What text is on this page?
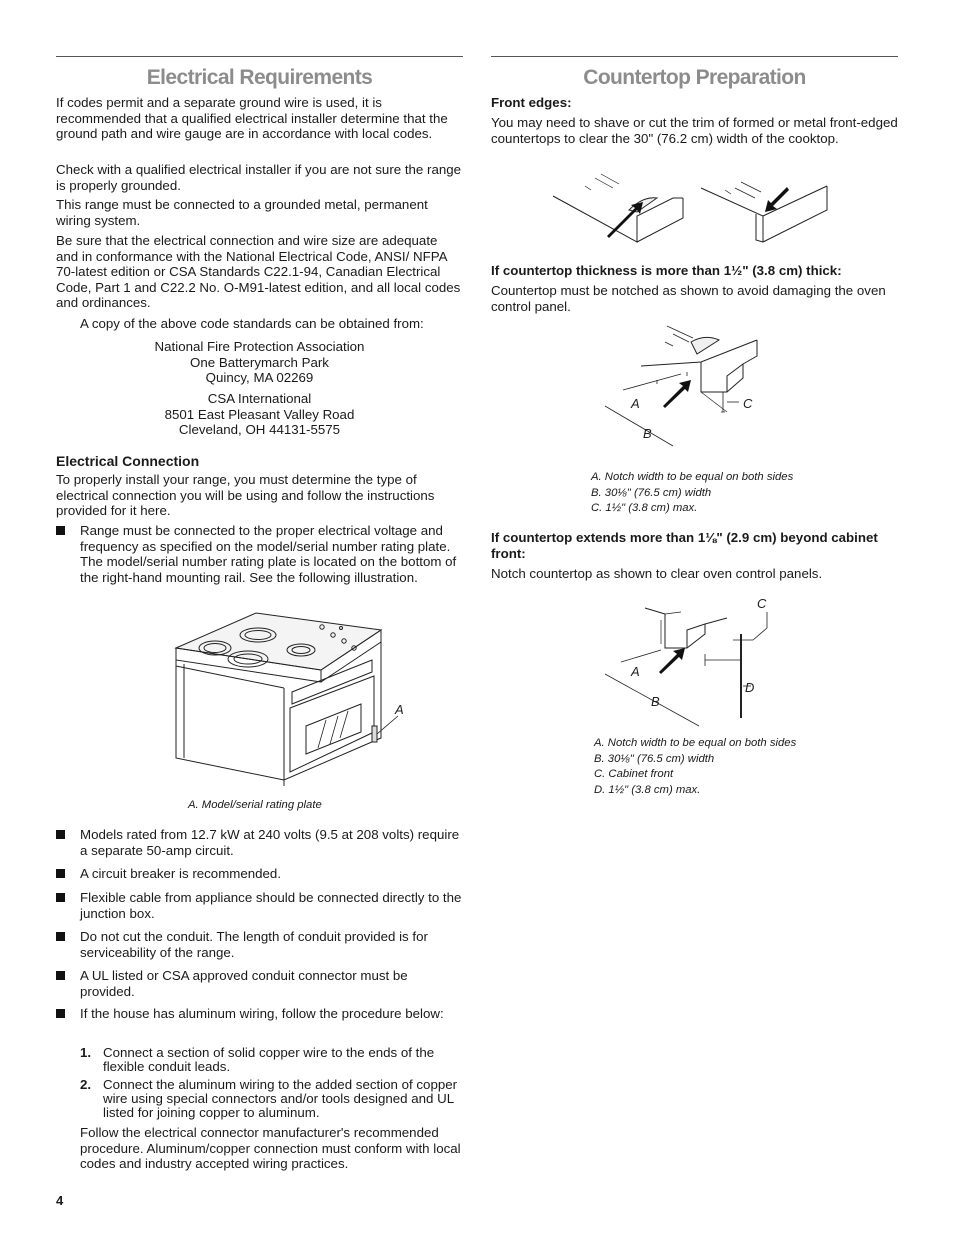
Electrical Requirements

If codes permit and a separate ground wire is used, it is recommended that a qualified electrical installer determine that the ground path and wire gauge are in accordance with local codes.

Check with a qualified electrical installer if you are not sure the range is properly grounded.

This range must be connected to a grounded metal, permanent wiring system.

Be sure that the electrical connection and wire size are adequate and in conformance with the National Electrical Code, ANSI/ NFPA 70-latest edition or CSA Standards C22.1-94, Canadian Electrical Code, Part 1 and C22.2 No. O-M91-latest edition, and all local codes and ordinances.

A copy of the above code standards can be obtained from:

National Fire Protection Association
One Batterymarch Park
Quincy, MA 02269
CSA International
8501 East Pleasant Valley Road
Cleveland, OH 44131-5575
Electrical Connection

To properly install your range, you must determine the type of electrical connection you will be using and follow the instructions provided for it here.

Range must be connected to the proper electrical voltage and frequency as specified on the model/serial number rating plate. The model/serial number rating plate is located on the bottom of the right-hand mounting rail. See the following illustration.
A
A. Model/serial rating plate
Models rated from 12.7 kW at 240 volts (9.5 at 208 volts) require a separate 50-amp circuit.
A circuit breaker is recommended.
Flexible cable from appliance should be connected directly to the junction box.
Do not cut the conduit. The length of conduit provided is for serviceability of the range.
A UL listed or CSA approved conduit connector must be provided.
If the house has aluminum wiring, follow the procedure below:
1. Connect a section of solid copper wire to the ends of the flexible conduit leads.
2. Connect the aluminum wiring to the added section of copper wire using special connectors and/or tools designed and UL listed for joining copper to aluminum.

Follow the electrical connector manufacturer's recommended procedure. Aluminum/copper connection must conform with local codes and industry accepted wiring practices.

4
Countertop Preparation

Front edges:

You may need to shave or cut the trim of formed or metal front-edged countertops to clear the 30" (76.2 cm) width of the cooktop.

If countertop thickness is more than 1½" (3.8 cm) thick:

Countertop must be notched as shown to avoid damaging the oven control panel.

A
B
C
A. Notch width to be equal on both sides
B. 30⅛" (76.5 cm) width
C. 1½" (3.8 cm) max.

If countertop extends more than 1⅛" (2.9 cm) beyond cabinet front:

Notch countertop as shown to clear oven control panels.

A
B
C
D
A. Notch width to be equal on both sides
B. 30⅛" (76.5 cm) width
C. Cabinet front
D. 1½" (3.8 cm) max.
